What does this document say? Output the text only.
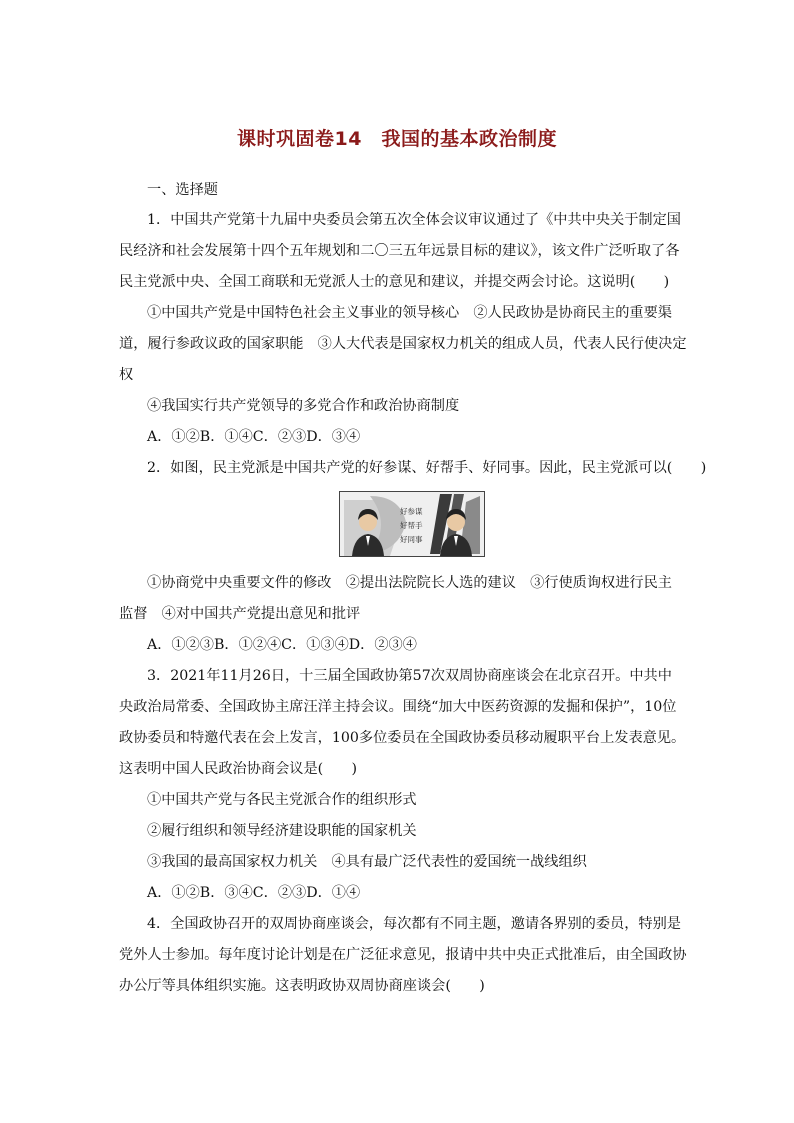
课时巩固卷14　我国的基本政治制度
一、选择题
1．中国共产党第十九届中央委员会第五次全体会议审议通过了《中共中央关于制定国
民经济和社会发展第十四个五年规划和二〇三五年远景目标的建议》，该文件广泛听取了各
民主党派中央、全国工商联和无党派人士的意见和建议，并提交两会讨论。这说明(　　)
①中国共产党是中国特色社会主义事业的领导核心　②人民政协是协商民主的重要渠
道，履行参政议政的国家职能　③人大代表是国家权力机关的组成人员，代表人民行使决定
权
④我国实行共产党领导的多党合作和政治协商制度
A．①②B．①④C．②③D．③④
2．如图，民主党派是中国共产党的好参谋、好帮手、好同事。因此，民主党派可以(　　)
好参谋
好帮手
好同事
①协商党中央重要文件的修改　②提出法院院长人选的建议　③行使质询权进行民主
监督　④对中国共产党提出意见和批评
A．①②③B．①②④C．①③④D．②③④
3．2021年11月26日，十三届全国政协第57次双周协商座谈会在北京召开。中共中
央政治局常委、全国政协主席汪洋主持会议。围绕“加大中医药资源的发掘和保护”，10位
政协委员和特邀代表在会上发言，100多位委员在全国政协委员移动履职平台上发表意见。
这表明中国人民政治协商会议是(　　)
①中国共产党与各民主党派合作的组织形式
②履行组织和领导经济建设职能的国家机关
③我国的最高国家权力机关　④具有最广泛代表性的爱国统一战线组织
A．①②B．③④C．②③D．①④
4．全国政协召开的双周协商座谈会，每次都有不同主题，邀请各界别的委员，特别是
党外人士参加。每年度讨论计划是在广泛征求意见，报请中共中央正式批准后，由全国政协
办公厅等具体组织实施。这表明政协双周协商座谈会(　　)
